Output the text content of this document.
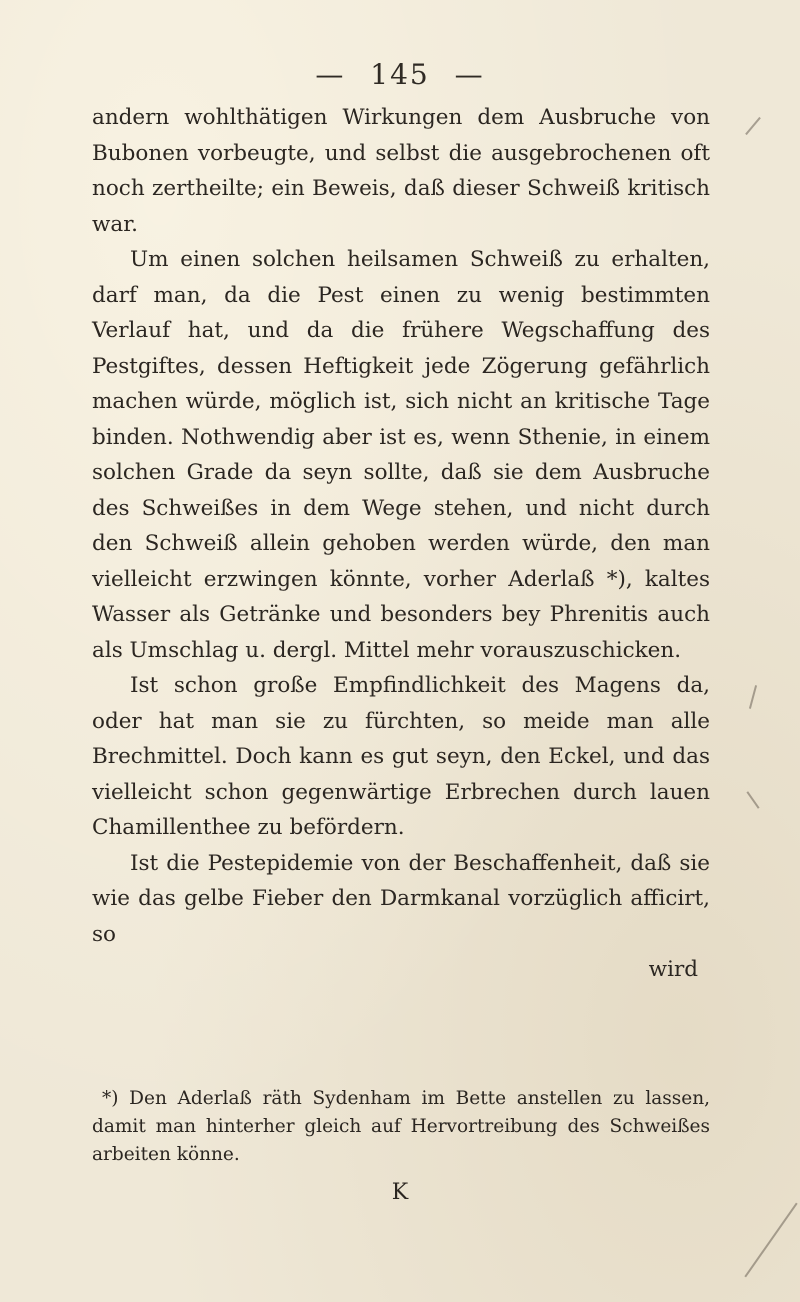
— 145 —

andern wohlthätigen Wirkungen dem Ausbruche von Bubonen vorbeugte, und selbst die ausgebrochenen oft noch zertheilte; ein Beweis, daß dieser Schweiß kritisch war.

Um einen solchen heilsamen Schweiß zu erhalten, darf man, da die Pest einen zu wenig bestimmten Verlauf hat, und da die frühere Wegschaffung des Pestgiftes, dessen Heftigkeit jede Zögerung gefährlich machen würde, möglich ist, sich nicht an kritische Tage binden. Nothwendig aber ist es, wenn Sthenie, in einem solchen Grade da seyn sollte, daß sie dem Ausbruche des Schweißes in dem Wege stehen, und nicht durch den Schweiß allein gehoben werden würde, den man vielleicht erzwingen könnte, vorher Aderlaß *), kaltes Wasser als Getränke und besonders bey Phrenitis auch als Umschlag u. dergl. Mittel mehr vorauszuschicken.

Ist schon große Empfindlichkeit des Magens da, oder hat man sie zu fürchten, so meide man alle Brechmittel. Doch kann es gut seyn, den Eckel, und das vielleicht schon gegenwärtige Erbrechen durch lauen Chamillenthee zu befördern.

Ist die Pestepidemie von der Beschaffenheit, daß sie wie das gelbe Fieber den Darmkanal vorzüglich afficirt, so

wird

*) Den Aderlaß räth Sydenham im Bette anstellen zu lassen, damit man hinterher gleich auf Hervortreibung des Schweißes arbeiten könne.

K
